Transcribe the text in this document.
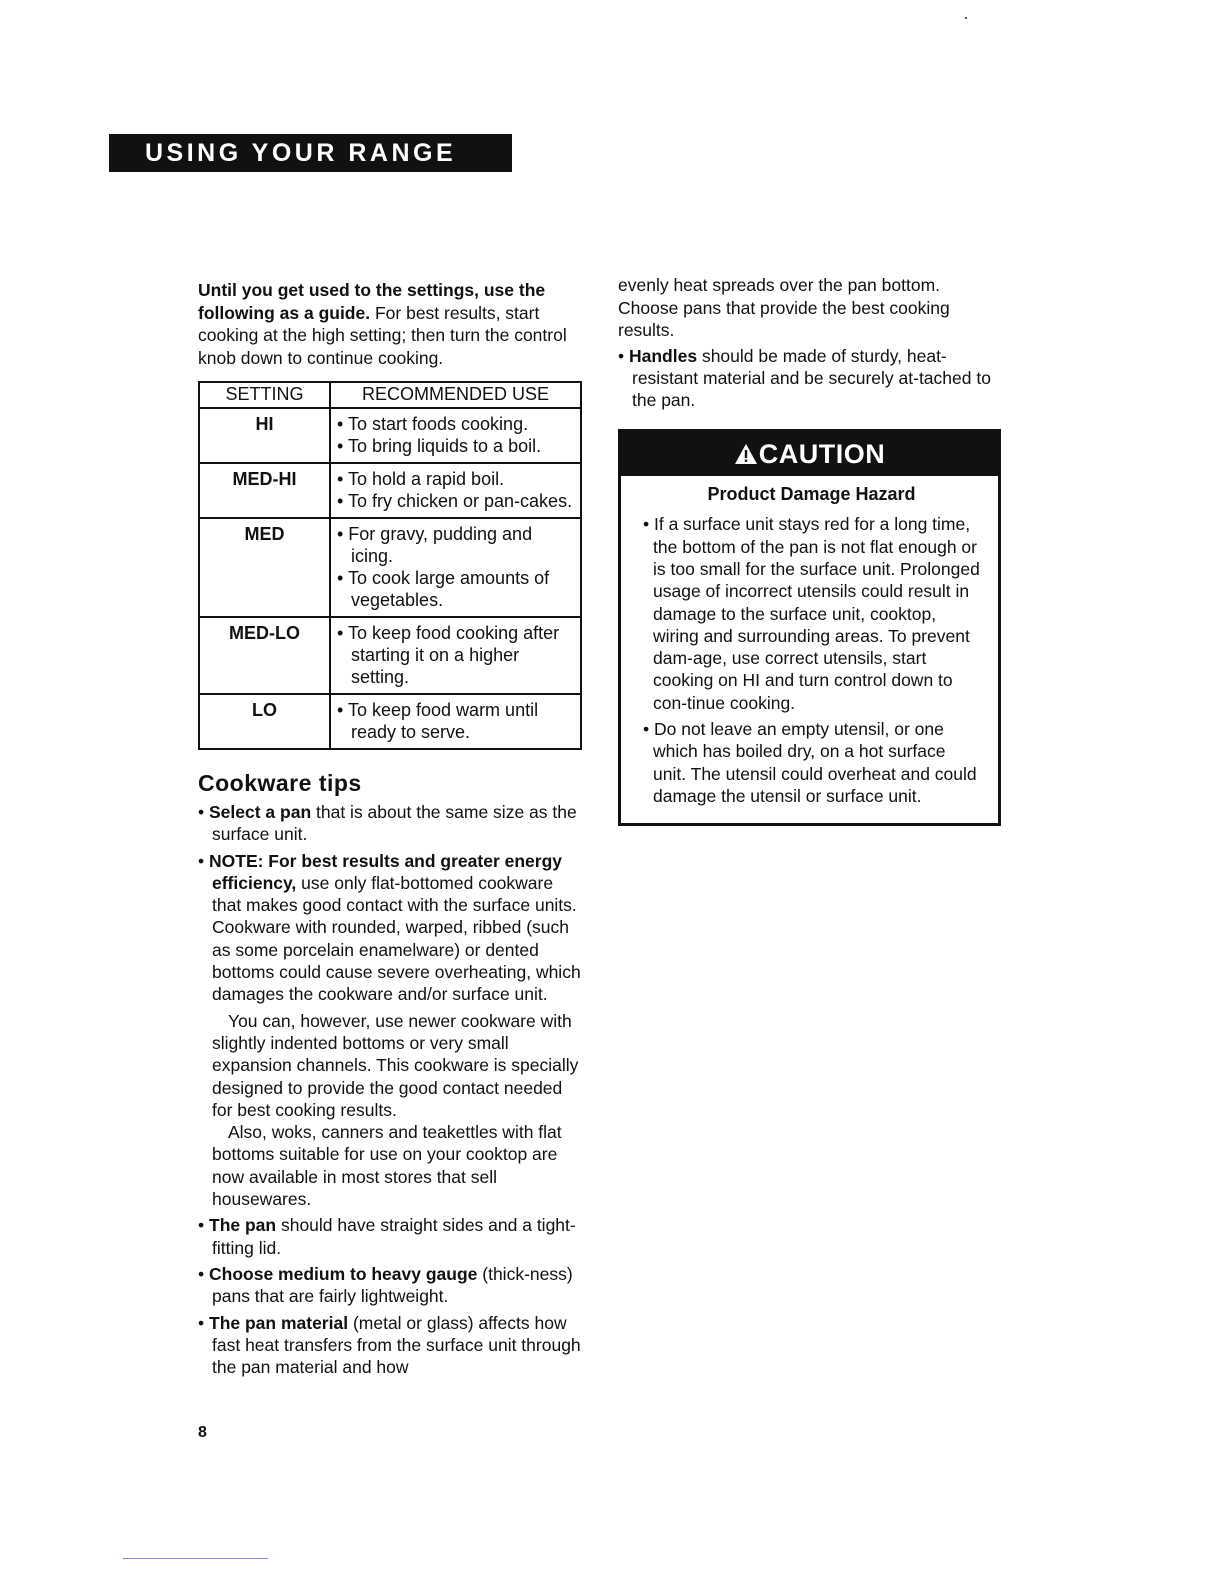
USING YOUR RANGE

Until you get used to the settings, use the following as a guide. For best results, start cooking at the high setting; then turn the control knob down to continue cooking.

SETTING	RECOMMENDED USE
HI	• To start foods cooking.
• To bring liquids to a boil.

MED-HI	• To hold a rapid boil.
• To fry chicken or pan-cakes.

MED	• For gravy, pudding and icing.
• To cook large amounts of vegetables.

MED-LO	• To keep food cooking after starting it on a higher setting.

LO	• To keep food warm until ready to serve.
Cookware tips
• Select a pan that is about the same size as the surface unit.
• NOTE: For best results and greater energy efficiency, use only flat-bottomed cookware that makes good contact with the surface units. Cookware with rounded, warped, ribbed (such as some porcelain enamelware) or dented bottoms could cause severe overheating, which damages the cookware and/or surface unit.

You can, however, use newer cookware with slightly indented bottoms or very small expansion channels. This cookware is specially designed to provide the good contact needed for best cooking results.

Also, woks, canners and teakettles with flat bottoms suitable for use on your cooktop are now available in most stores that sell housewares.

• The pan should have straight sides and a tight-fitting lid.
• Choose medium to heavy gauge (thick-ness) pans that are fairly lightweight.
• The pan material (metal or glass) affects how fast heat transfers from the surface unit through the pan material and how

evenly heat spreads over the pan bottom. Choose pans that provide the best cooking results.

• Handles should be made of sturdy, heat-resistant material and be securely at-tached to the pan.
CAUTION
Product Damage Hazard
• If a surface unit stays red for a long time, the bottom of the pan is not flat enough or is too small for the surface unit. Prolonged usage of incorrect utensils could result in damage to the surface unit, cooktop, wiring and surrounding areas. To prevent dam-age, use correct utensils, start cooking on HI and turn control down to con-tinue cooking.
• Do not leave an empty utensil, or one which has boiled dry, on a hot surface unit. The utensil could overheat and could damage the utensil or surface unit.
8
